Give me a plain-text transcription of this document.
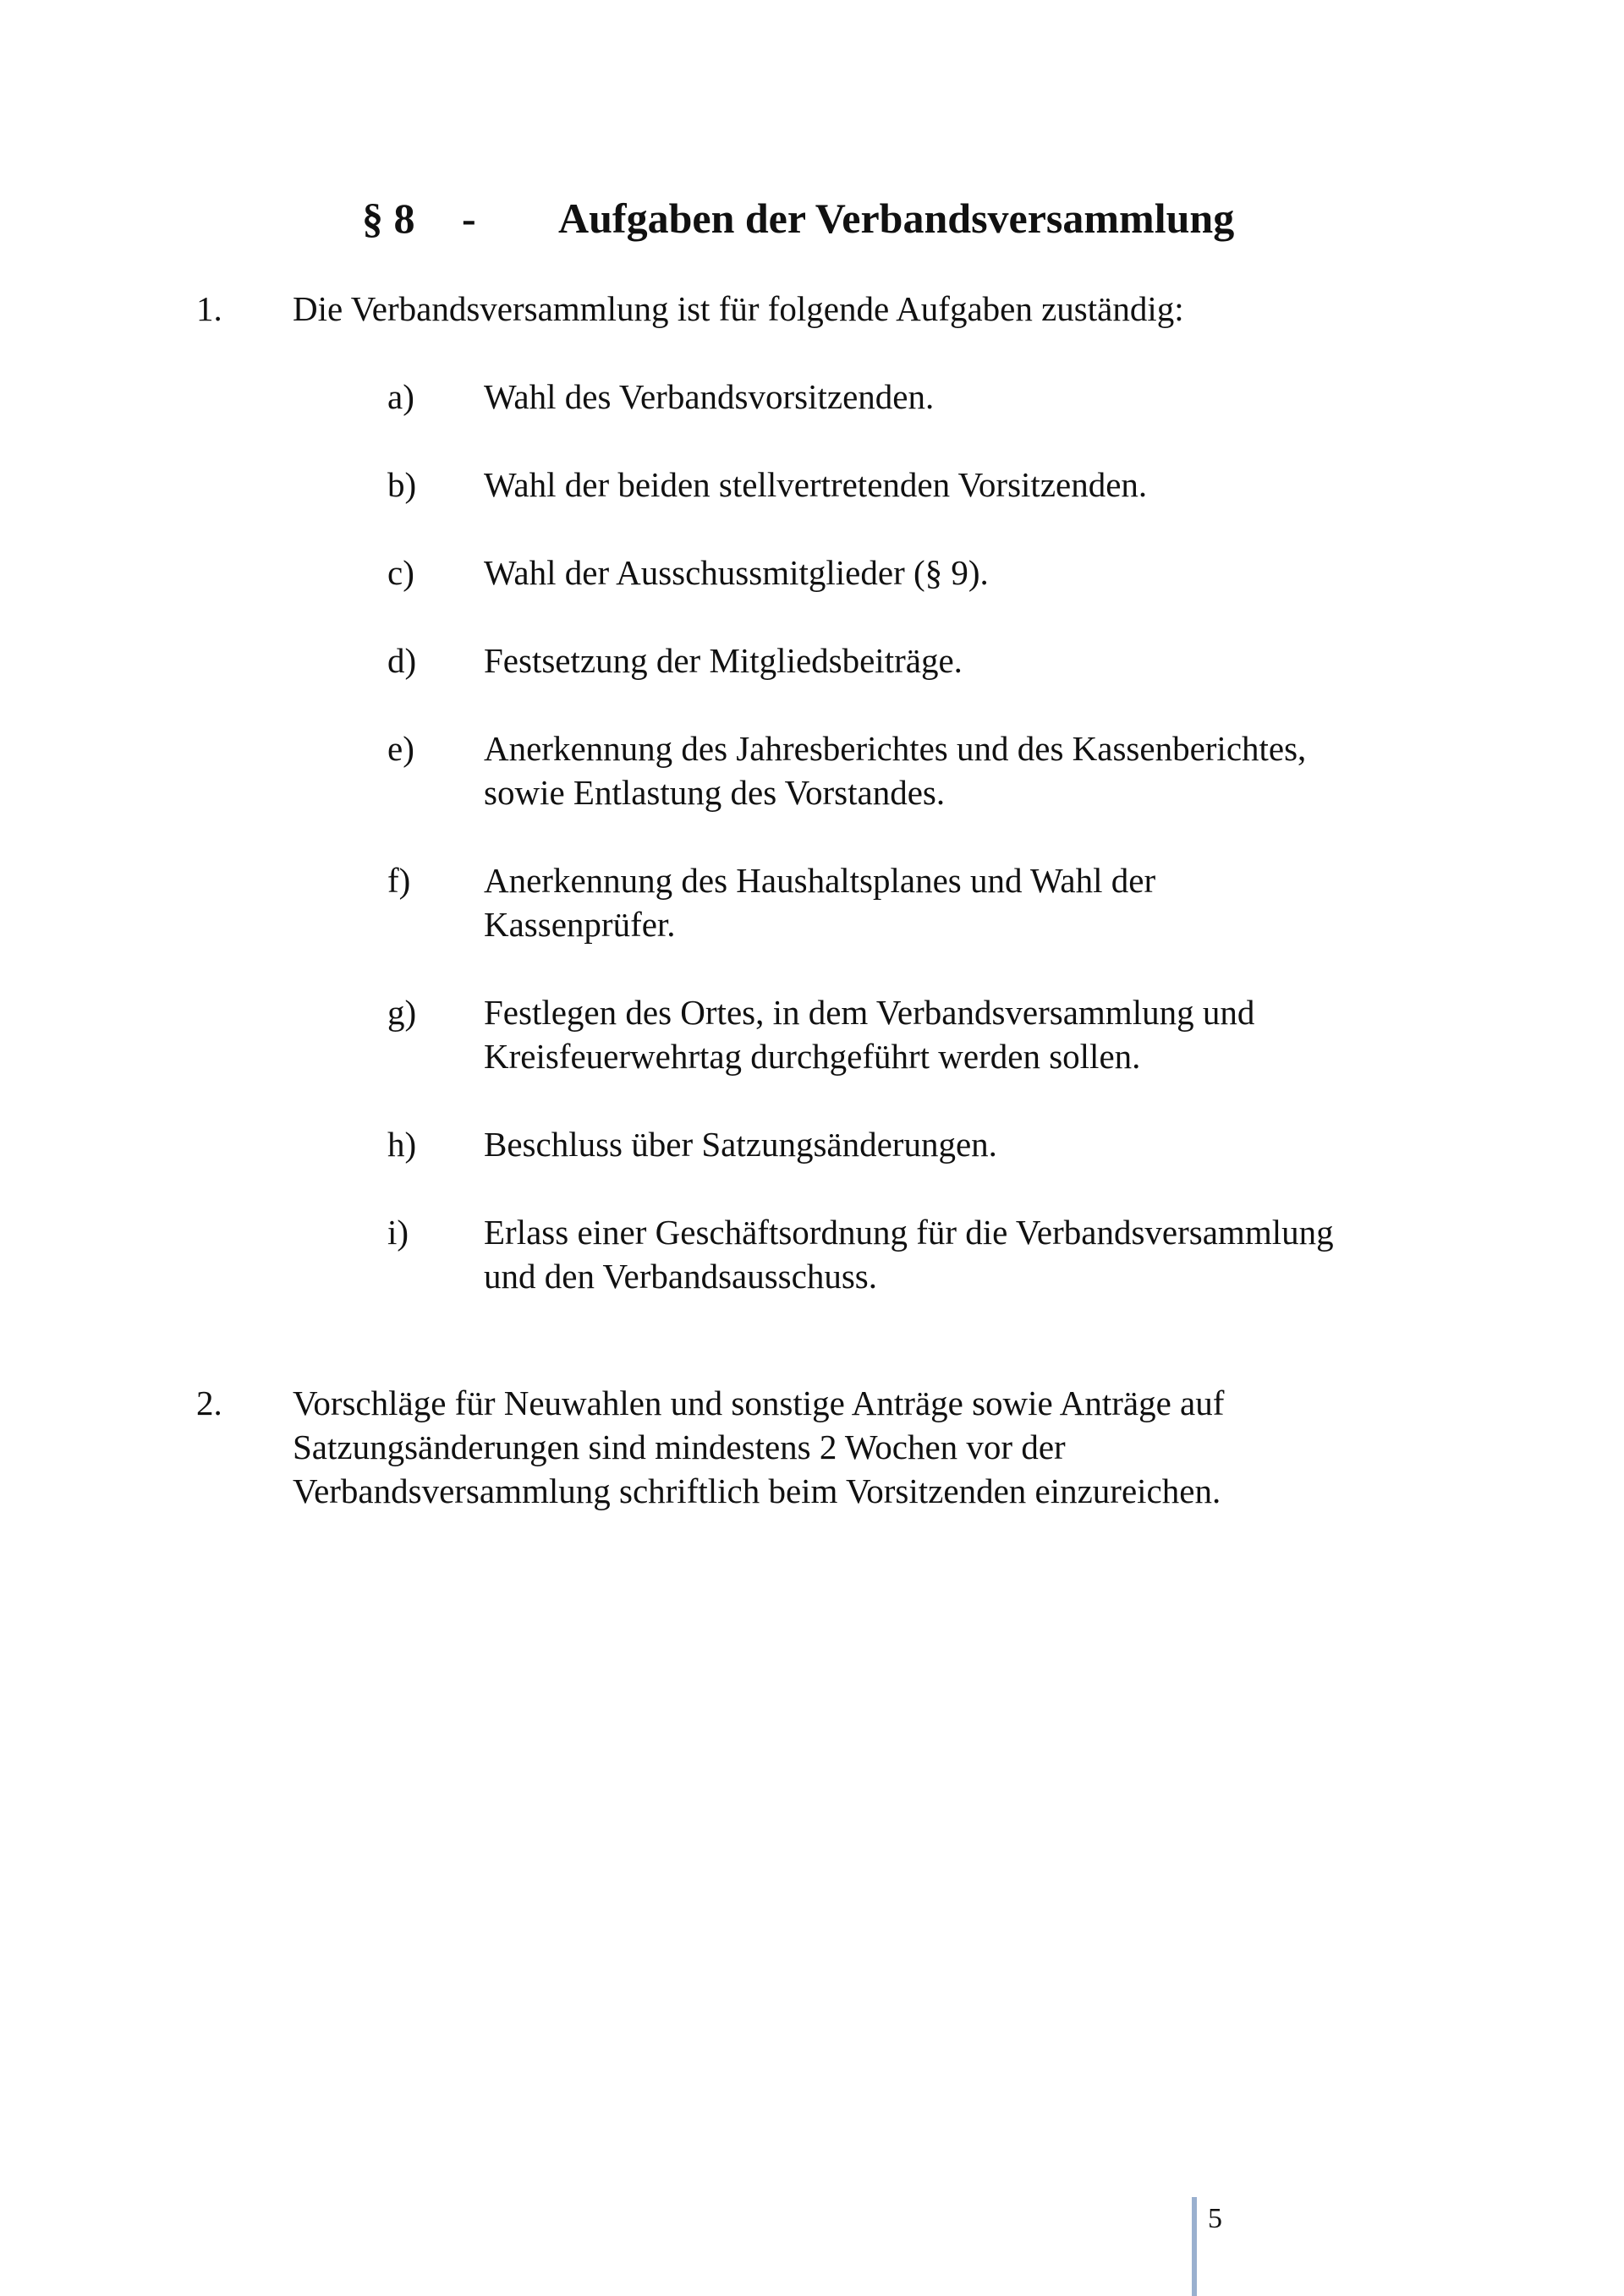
§ 8 - Aufgaben der Verbandsversammlung
1. Die Verbandsversammlung ist für folgende Aufgaben zuständig:
a) Wahl des Verbandsvorsitzenden.
b) Wahl der beiden stellvertretenden Vorsitzenden.
c) Wahl der Ausschussmitglieder (§ 9).
d) Festsetzung der Mitgliedsbeiträge.
e) Anerkennung des Jahresberichtes und des Kassenberichtes,
sowie Entlastung des Vorstandes.
f) Anerkennung des Haushaltsplanes und Wahl der
Kassenprüfer.
g) Festlegen des Ortes, in dem Verbandsversammlung und
Kreisfeuerwehrtag durchgeführt werden sollen.
h) Beschluss über Satzungsänderungen.
i) Erlass einer Geschäftsordnung für die Verbandsversammlung
und den Verbandsausschuss.
2. Vorschläge für Neuwahlen und sonstige Anträge sowie Anträge auf
Satzungsänderungen sind mindestens 2 Wochen vor der
Verbandsversammlung schriftlich beim Vorsitzenden einzureichen.
5
